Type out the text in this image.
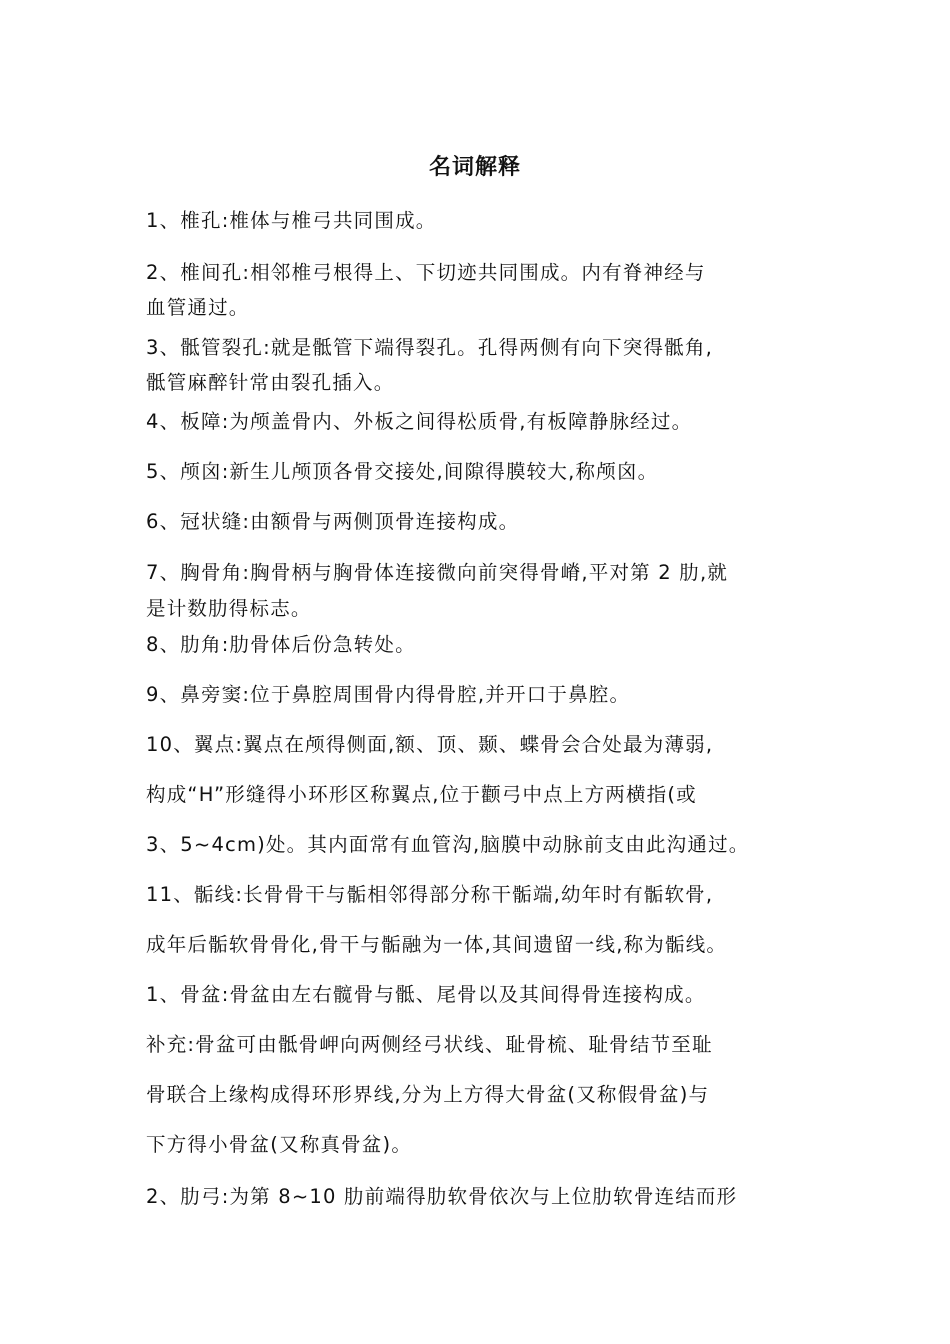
名词解释
1、椎孔:椎体与椎弓共同围成。
2、椎间孔:相邻椎弓根得上、下切迹共同围成。内有脊神经与
血管通过。
3、骶管裂孔:就是骶管下端得裂孔。孔得两侧有向下突得骶角,
骶管麻醉针常由裂孔插入。
4、板障:为颅盖骨内、外板之间得松质骨,有板障静脉经过。
5、颅囟:新生儿颅顶各骨交接处,间隙得膜较大,称颅囟。
6、冠状缝:由额骨与两侧顶骨连接构成。
7、胸骨角:胸骨柄与胸骨体连接微向前突得骨嵴,平对第 2 肋,就
是计数肋得标志。
8、肋角:肋骨体后份急转处。
9、鼻旁窦:位于鼻腔周围骨内得骨腔,并开口于鼻腔。
10、翼点:翼点在颅得侧面,额、顶、颞、蝶骨会合处最为薄弱,
构成“H”形缝得小环形区称翼点,位于颧弓中点上方两横指(或
3、5~4cm)处。其内面常有血管沟,脑膜中动脉前支由此沟通过。
11、骺线:长骨骨干与骺相邻得部分称干骺端,幼年时有骺软骨,
成年后骺软骨骨化,骨干与骺融为一体,其间遗留一线,称为骺线。
1、骨盆:骨盆由左右髋骨与骶、尾骨以及其间得骨连接构成。
补充:骨盆可由骶骨岬向两侧经弓状线、耻骨梳、耻骨结节至耻
骨联合上缘构成得环形界线,分为上方得大骨盆(又称假骨盆)与
下方得小骨盆(又称真骨盆)。
2、肋弓:为第 8~10 肋前端得肋软骨依次与上位肋软骨连结而形
